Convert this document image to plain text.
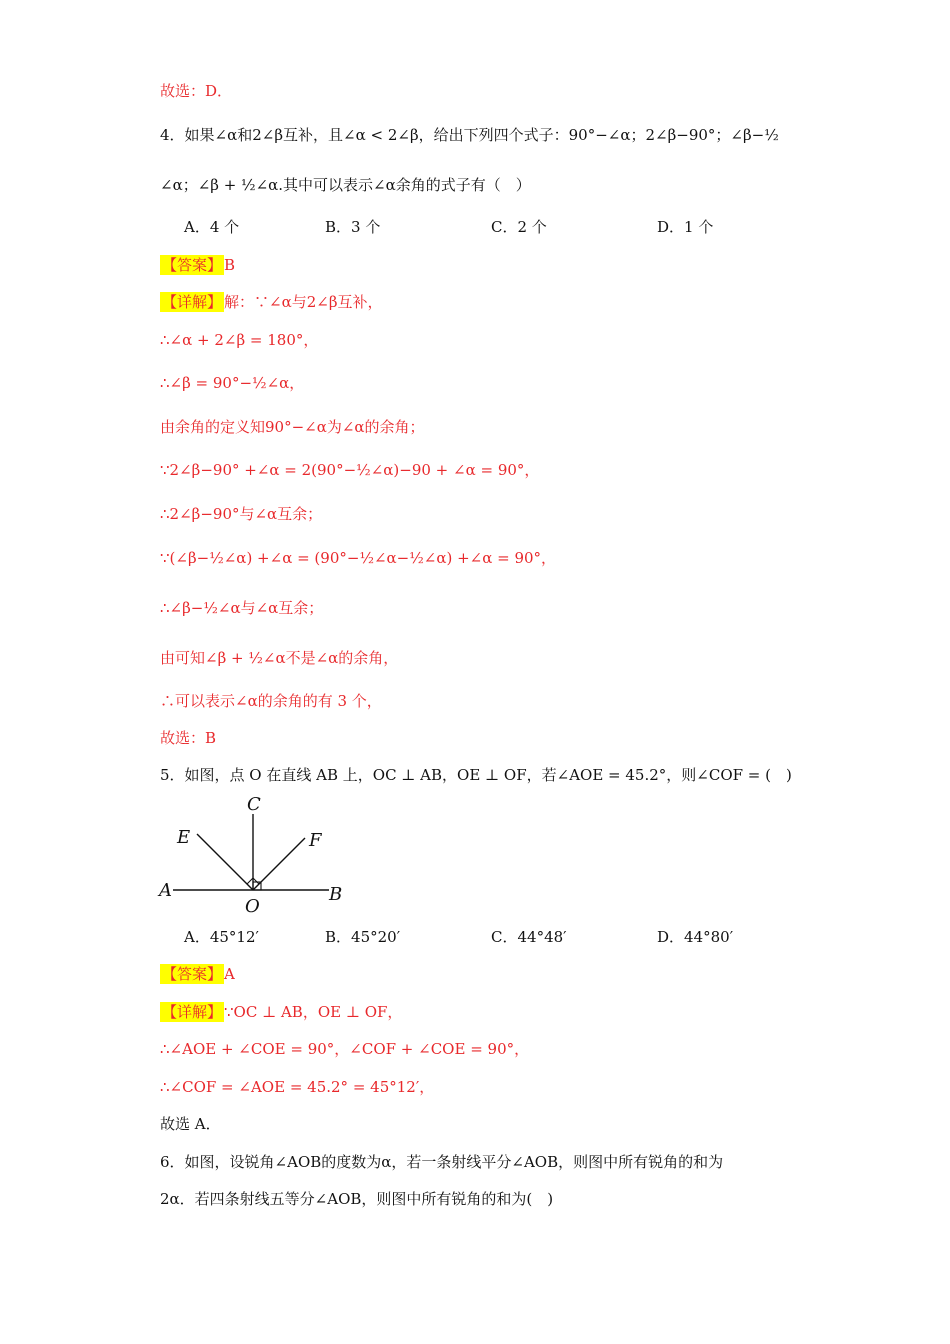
故选：D．
4．如果∠α和2∠β互补，且∠α < 2∠β，给出下列四个式子：90°−∠α；2∠β−90°；∠β−½
∠α；∠β + ½∠α.其中可以表示∠α余角的式子有（　）
A．4 个	B．3 个	C．2 个	D．1 个
【答案】 B
【详解】 解：∵∠α与2∠β互补，
∴∠α + 2∠β = 180°，
∴∠β = 90°−½∠α，
由余角的定义知90°−∠α为∠α的余角；
∵2∠β−90° +∠α = 2(90°−½∠α)−90 + ∠α = 90°，
∴2∠β−90°与∠α互余；
∵(∠β−½∠α) +∠α = (90°−½∠α−½∠α) +∠α = 90°，
∴∠β−½∠α与∠α互余；
由可知∠β + ½∠α不是∠α的余角，
∴可以表示∠α的余角的有 3 个，
故选：B
5．如图，点 O 在直线 AB 上，OC ⊥ AB，OE ⊥ OF，若∠AOE = 45.2°，则∠COF = (　)
C
E	F
A
O
B
A．45°12′	B．45°20′	C．44°48′	D．44°80′
【答案】 A
【详解】 ∵OC ⊥ AB，OE ⊥ OF，
∴∠AOE + ∠COE = 90°，∠COF + ∠COE = 90°，
∴∠COF = ∠AOE = 45.2° = 45°12′，
故选 A．
6．如图，设锐角∠AOB的度数为α，若一条射线平分∠AOB，则图中所有锐角的和为
2α．若四条射线五等分∠AOB，则图中所有锐角的和为(　)
